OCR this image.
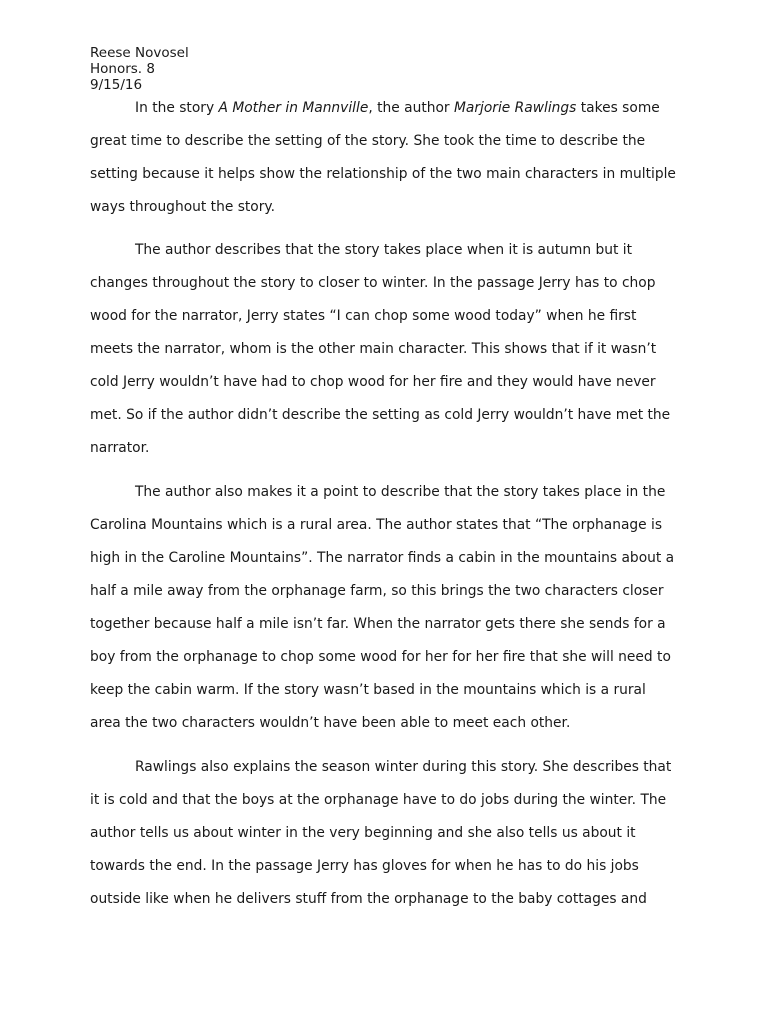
Reese Novosel
Honors. 8
9/15/16
In the story A Mother in Mannville, the author Marjorie Rawlings takes some
great time to describe the setting of the story. She took the time to describe the
setting because it helps show the relationship of the two main characters in multiple
ways throughout the story.
The author describes that the story takes place when it is autumn but it
changes throughout the story to closer to winter. In the passage Jerry has to chop
wood for the narrator, Jerry states “I can chop some wood today” when he first
meets the narrator, whom is the other main character. This shows that if it wasn’t
cold Jerry wouldn’t have had to chop wood for her fire and they would have never
met. So if the author didn’t describe the setting as cold Jerry wouldn’t have met the
narrator.
The author also makes it a point to describe that the story takes place in the
Carolina Mountains which is a rural area. The author states that “The orphanage is
high in the Caroline Mountains”. The narrator finds a cabin in the mountains about a
half a mile away from the orphanage farm, so this brings the two characters closer
together because half a mile isn’t far. When the narrator gets there she sends for a
boy from the orphanage to chop some wood for her for her fire that she will need to
keep the cabin warm. If the story wasn’t based in the mountains which is a rural
area the two characters wouldn’t have been able to meet each other.
Rawlings also explains the season winter during this story. She describes that
it is cold and that the boys at the orphanage have to do jobs during the winter. The
author tells us about winter in the very beginning and she also tells us about it
towards the end. In the passage Jerry has gloves for when he has to do his jobs
outside like when he delivers stuff from the orphanage to the baby cottages and
